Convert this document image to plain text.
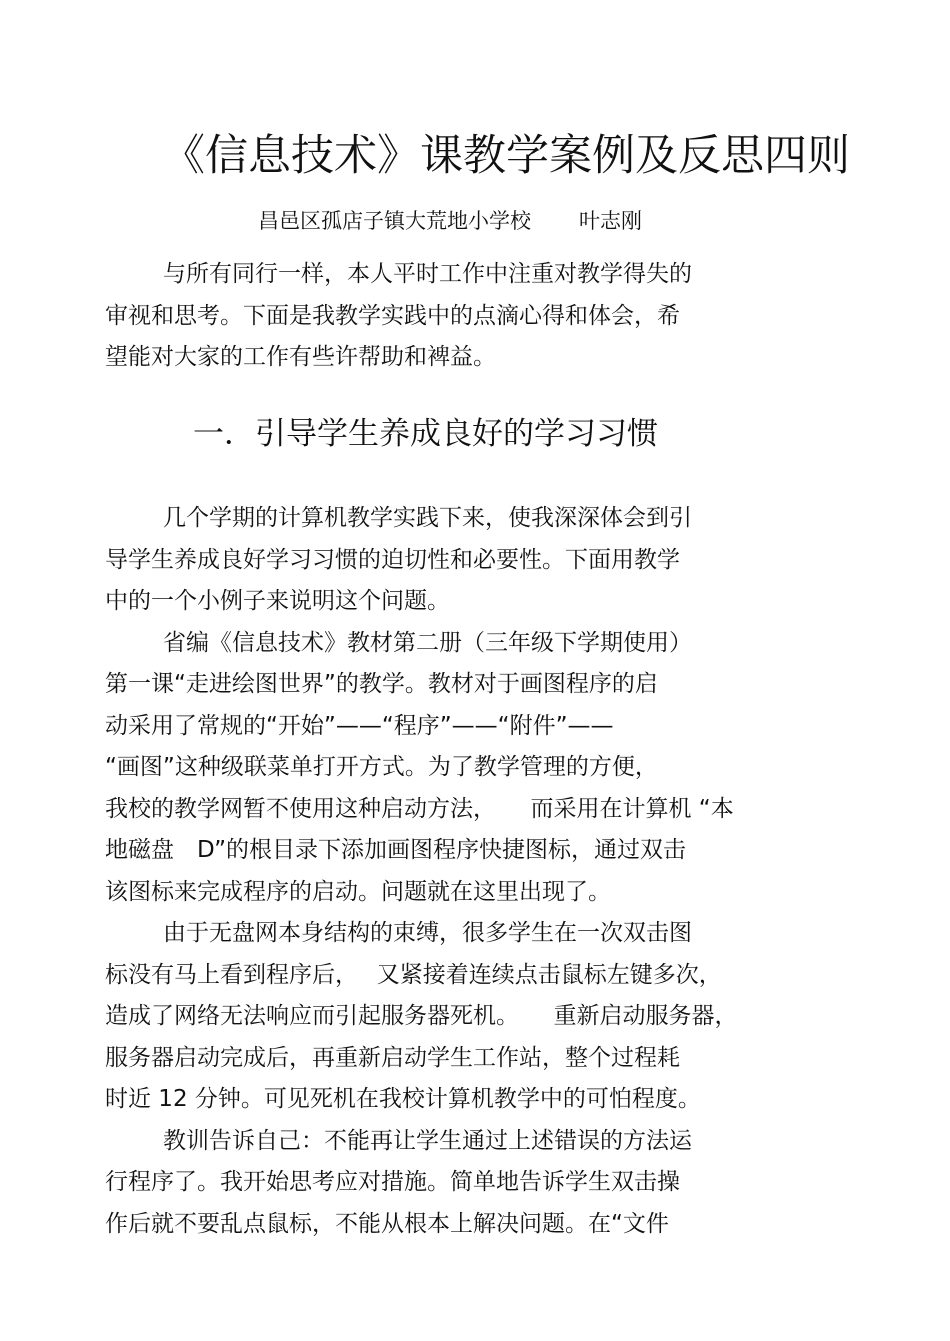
《信息技术》课教学案例及反思四则
昌邑区孤店子镇大荒地小学校 叶志刚

与所有同行一样，本人平时工作中注重对教学得失的
审视和思考。下面是我教学实践中的点滴心得和体会，希
望能对大家的工作有些许帮助和裨益。

一．引导学生养成良好的学习习惯
几个学期的计算机教学实践下来，使我深深体会到引
导学生养成良好学习习惯的迫切性和必要性。下面用教学
中的一个小例子来说明这个问题。
省编《信息技术》教材第二册（三年级下学期使用）
第一课“走进绘图世界”的教学。教材对于画图程序的启
动采用了常规的“开始”——“程序”——“附件”——
“画图”这种级联菜单打开方式。为了教学管理的方便，
我校的教学网暂不使用这种启动方法，　　而采用在计算机 “本
地磁盘　D”的根目录下添加画图程序快捷图标，通过双击
该图标来完成程序的启动。问题就在这里出现了。
由于无盘网本身结构的束缚，很多学生在一次双击图
标没有马上看到程序后，　 又紧接着连续点击鼠标左键多次，
造成了网络无法响应而引起服务器死机。　　重新启动服务器，
服务器启动完成后，再重新启动学生工作站，整个过程耗
时近 12 分钟。可见死机在我校计算机教学中的可怕程度。
教训告诉自己：不能再让学生通过上述错误的方法运
行程序了。我开始思考应对措施。简单地告诉学生双击操
作后就不要乱点鼠标，不能从根本上解决问题。在“文件
